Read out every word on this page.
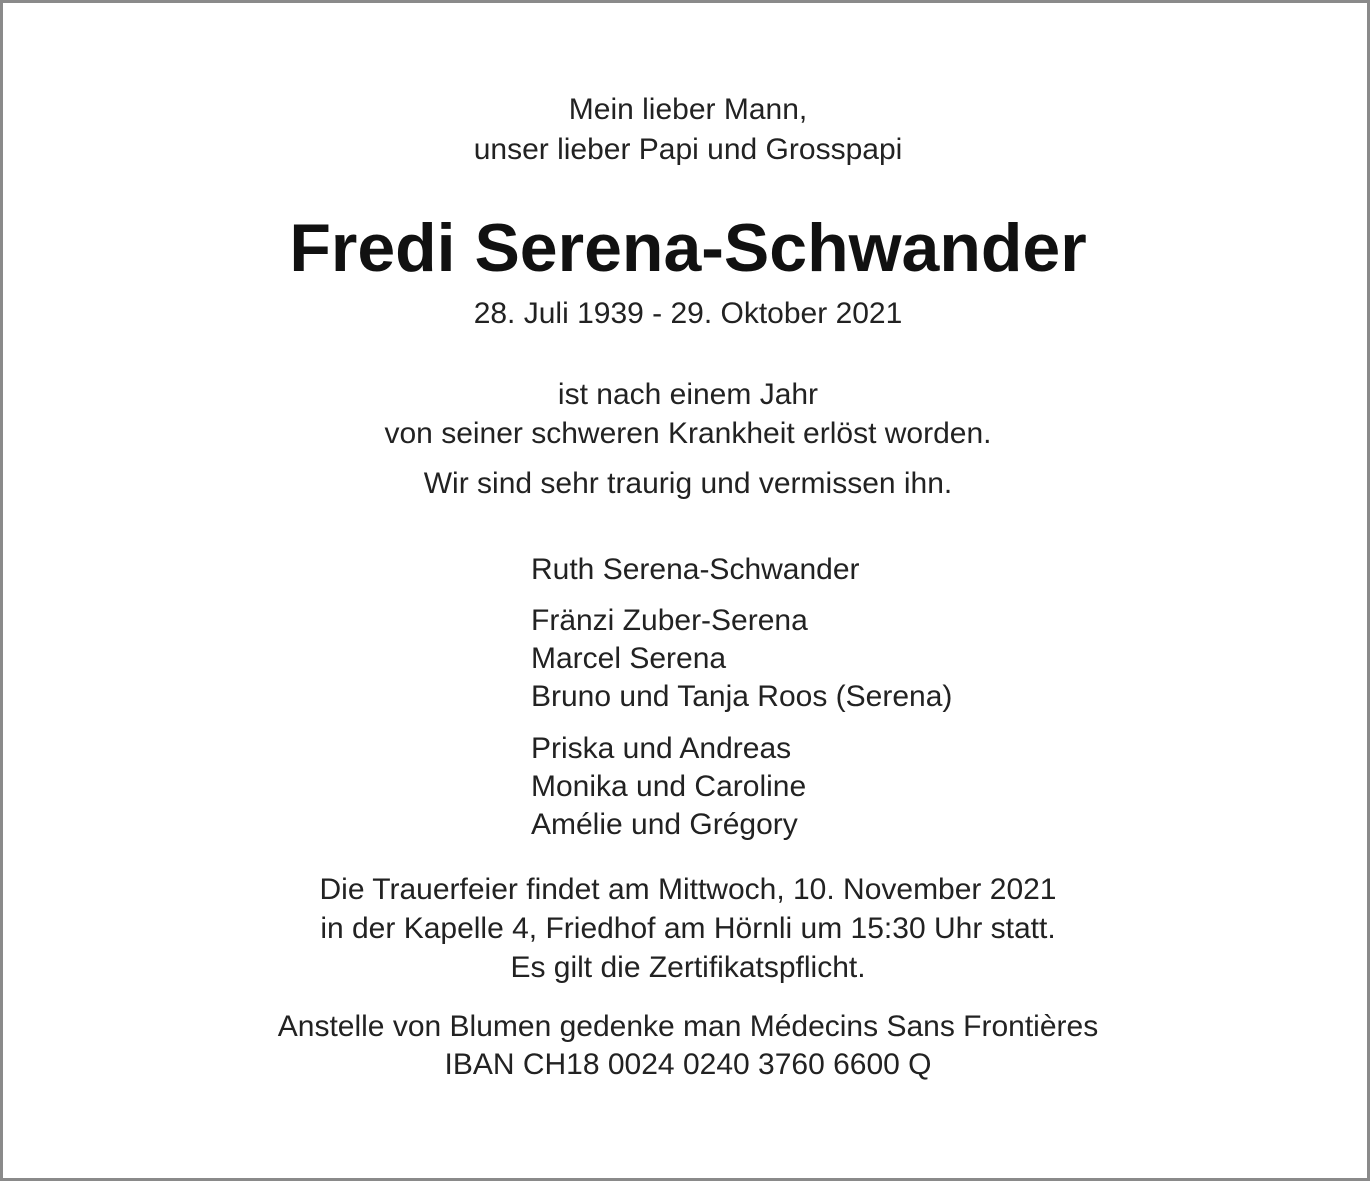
Mein lieber Mann,
unser lieber Papi und Grosspapi
Fredi Serena-Schwander
28. Juli 1939 - 29. Oktober 2021
ist nach einem Jahr
von seiner schweren Krankheit erlöst worden.
Wir sind sehr traurig und vermissen ihn.
Ruth Serena-Schwander
Fränzi Zuber-Serena
Marcel Serena
Bruno und Tanja Roos (Serena)
Priska und Andreas
Monika und Caroline
Amélie und Grégory
Die Trauerfeier findet am Mittwoch, 10. November 2021
in der Kapelle 4, Friedhof am Hörnli um 15:30 Uhr statt.
Es gilt die Zertifikatspflicht.
Anstelle von Blumen gedenke man Médecins Sans Frontières
IBAN CH18 0024 0240 3760 6600 Q
